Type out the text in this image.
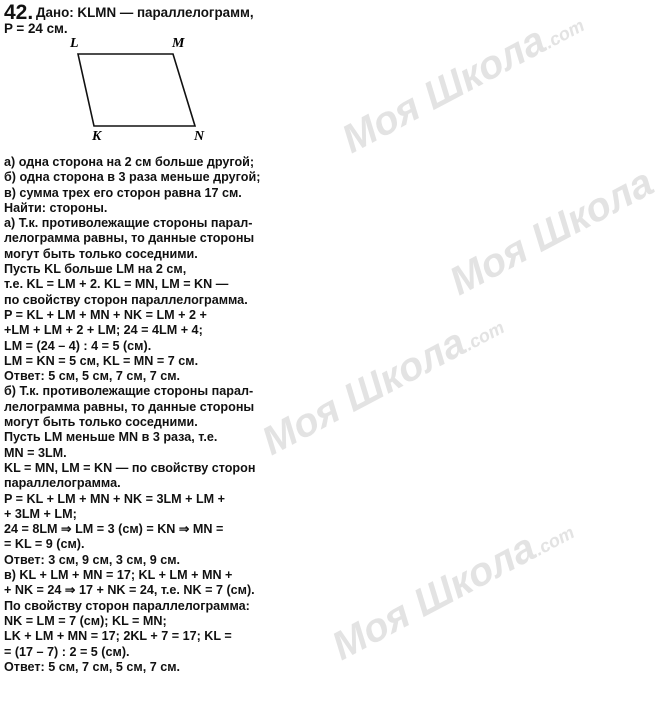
Моя Школа.com
Моя Школа
Моя Школа.com
Моя Школа.com
42. Дано: KLMN — параллелограмм,
P = 24 см.
L	M
K	N
а) одна сторона на 2 см больше другой;
б) одна сторона в 3 раза меньше другой;
в) сумма трех его сторон равна 17 см.
Найти: стороны.
а) Т.к. противолежащие стороны парал-
лелограмма равны, то данные стороны
могут быть только соседними.
Пусть KL больше LM на 2 см,
т.е. KL = LM + 2. KL = MN, LM = KN —
по свойству сторон параллелограмма.
P = KL + LM + MN + NK = LM + 2 +
+LM + LM + 2 + LM; 24 = 4LM + 4;
LM = (24 – 4) : 4 = 5 (см).
LM = KN = 5 см, KL = MN = 7 см.
Ответ: 5 см, 5 см, 7 см, 7 см.
б) Т.к. противолежащие стороны парал-
лелограмма равны, то данные стороны
могут быть только соседними.
Пусть LM меньше MN в 3 раза, т.е.
MN = 3LM.
KL = MN, LM = KN — по свойству сторон
параллелограмма.
P = KL + LM + MN + NK = 3LM + LM +
+ 3LM + LM;
24 = 8LM ⇒ LM = 3 (см) = KN ⇒ MN =
= KL = 9 (см).
Ответ: 3 см, 9 см, 3 см, 9 см.
в) KL + LM + MN = 17; KL + LM + MN +
+ NK = 24 ⇒ 17 + NK = 24, т.е. NK = 7 (см).
По свойству сторон параллелограмма:
NK = LM = 7 (см); KL = MN;
LK + LM + MN = 17; 2KL + 7 = 17; KL =
= (17 – 7) : 2 = 5 (см).
Ответ: 5 см, 7 см, 5 см, 7 см.
